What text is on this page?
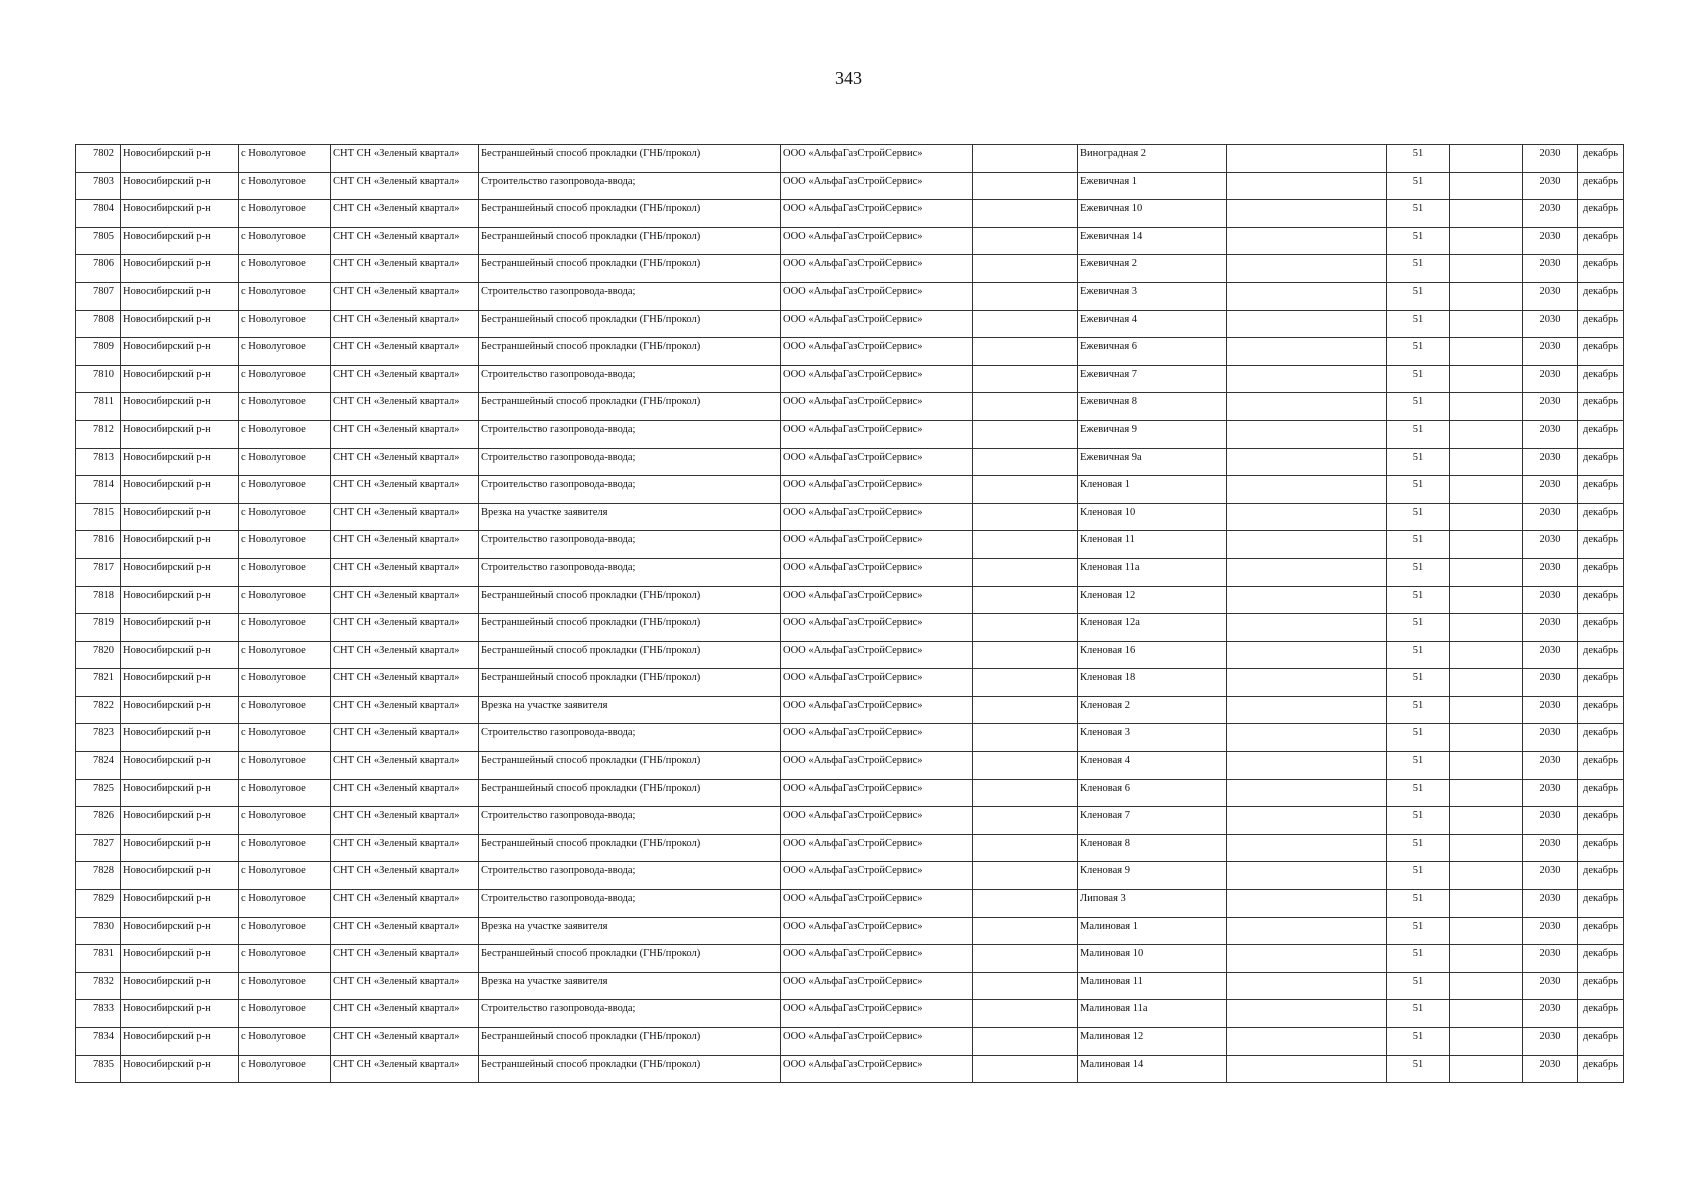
343
7802	Новосибирский р-н	с Новолуговое	СНТ СН «Зеленый квартал»	Бестраншейный способ прокладки (ГНБ/прокол)	ООО «АльфаГазСтройСервис»		Виноградная 2		51		2030	декабрь
7803	Новосибирский р-н	с Новолуговое	СНТ СН «Зеленый квартал»	Строительство газопровода-ввода;	ООО «АльфаГазСтройСервис»		Ежевичная 1		51		2030	декабрь
7804	Новосибирский р-н	с Новолуговое	СНТ СН «Зеленый квартал»	Бестраншейный способ прокладки (ГНБ/прокол)	ООО «АльфаГазСтройСервис»		Ежевичная 10		51		2030	декабрь
7805	Новосибирский р-н	с Новолуговое	СНТ СН «Зеленый квартал»	Бестраншейный способ прокладки (ГНБ/прокол)	ООО «АльфаГазСтройСервис»		Ежевичная 14		51		2030	декабрь
7806	Новосибирский р-н	с Новолуговое	СНТ СН «Зеленый квартал»	Бестраншейный способ прокладки (ГНБ/прокол)	ООО «АльфаГазСтройСервис»		Ежевичная 2		51		2030	декабрь
7807	Новосибирский р-н	с Новолуговое	СНТ СН «Зеленый квартал»	Строительство газопровода-ввода;	ООО «АльфаГазСтройСервис»		Ежевичная 3		51		2030	декабрь
7808	Новосибирский р-н	с Новолуговое	СНТ СН «Зеленый квартал»	Бестраншейный способ прокладки (ГНБ/прокол)	ООО «АльфаГазСтройСервис»		Ежевичная 4		51		2030	декабрь
7809	Новосибирский р-н	с Новолуговое	СНТ СН «Зеленый квартал»	Бестраншейный способ прокладки (ГНБ/прокол)	ООО «АльфаГазСтройСервис»		Ежевичная 6		51		2030	декабрь
7810	Новосибирский р-н	с Новолуговое	СНТ СН «Зеленый квартал»	Строительство газопровода-ввода;	ООО «АльфаГазСтройСервис»		Ежевичная 7		51		2030	декабрь
7811	Новосибирский р-н	с Новолуговое	СНТ СН «Зеленый квартал»	Бестраншейный способ прокладки (ГНБ/прокол)	ООО «АльфаГазСтройСервис»		Ежевичная 8		51		2030	декабрь
7812	Новосибирский р-н	с Новолуговое	СНТ СН «Зеленый квартал»	Строительство газопровода-ввода;	ООО «АльфаГазСтройСервис»		Ежевичная 9		51		2030	декабрь
7813	Новосибирский р-н	с Новолуговое	СНТ СН «Зеленый квартал»	Строительство газопровода-ввода;	ООО «АльфаГазСтройСервис»		Ежевичная 9а		51		2030	декабрь
7814	Новосибирский р-н	с Новолуговое	СНТ СН «Зеленый квартал»	Строительство газопровода-ввода;	ООО «АльфаГазСтройСервис»		Кленовая 1		51		2030	декабрь
7815	Новосибирский р-н	с Новолуговое	СНТ СН «Зеленый квартал»	Врезка на участке заявителя	ООО «АльфаГазСтройСервис»		Кленовая 10		51		2030	декабрь
7816	Новосибирский р-н	с Новолуговое	СНТ СН «Зеленый квартал»	Строительство газопровода-ввода;	ООО «АльфаГазСтройСервис»		Кленовая 11		51		2030	декабрь
7817	Новосибирский р-н	с Новолуговое	СНТ СН «Зеленый квартал»	Строительство газопровода-ввода;	ООО «АльфаГазСтройСервис»		Кленовая 11а		51		2030	декабрь
7818	Новосибирский р-н	с Новолуговое	СНТ СН «Зеленый квартал»	Бестраншейный способ прокладки (ГНБ/прокол)	ООО «АльфаГазСтройСервис»		Кленовая 12		51		2030	декабрь
7819	Новосибирский р-н	с Новолуговое	СНТ СН «Зеленый квартал»	Бестраншейный способ прокладки (ГНБ/прокол)	ООО «АльфаГазСтройСервис»		Кленовая 12а		51		2030	декабрь
7820	Новосибирский р-н	с Новолуговое	СНТ СН «Зеленый квартал»	Бестраншейный способ прокладки (ГНБ/прокол)	ООО «АльфаГазСтройСервис»		Кленовая 16		51		2030	декабрь
7821	Новосибирский р-н	с Новолуговое	СНТ СН «Зеленый квартал»	Бестраншейный способ прокладки (ГНБ/прокол)	ООО «АльфаГазСтройСервис»		Кленовая 18		51		2030	декабрь
7822	Новосибирский р-н	с Новолуговое	СНТ СН «Зеленый квартал»	Врезка на участке заявителя	ООО «АльфаГазСтройСервис»		Кленовая 2		51		2030	декабрь
7823	Новосибирский р-н	с Новолуговое	СНТ СН «Зеленый квартал»	Строительство газопровода-ввода;	ООО «АльфаГазСтройСервис»		Кленовая 3		51		2030	декабрь
7824	Новосибирский р-н	с Новолуговое	СНТ СН «Зеленый квартал»	Бестраншейный способ прокладки (ГНБ/прокол)	ООО «АльфаГазСтройСервис»		Кленовая 4		51		2030	декабрь
7825	Новосибирский р-н	с Новолуговое	СНТ СН «Зеленый квартал»	Бестраншейный способ прокладки (ГНБ/прокол)	ООО «АльфаГазСтройСервис»		Кленовая 6		51		2030	декабрь
7826	Новосибирский р-н	с Новолуговое	СНТ СН «Зеленый квартал»	Строительство газопровода-ввода;	ООО «АльфаГазСтройСервис»		Кленовая 7		51		2030	декабрь
7827	Новосибирский р-н	с Новолуговое	СНТ СН «Зеленый квартал»	Бестраншейный способ прокладки (ГНБ/прокол)	ООО «АльфаГазСтройСервис»		Кленовая 8		51		2030	декабрь
7828	Новосибирский р-н	с Новолуговое	СНТ СН «Зеленый квартал»	Строительство газопровода-ввода;	ООО «АльфаГазСтройСервис»		Кленовая 9		51		2030	декабрь
7829	Новосибирский р-н	с Новолуговое	СНТ СН «Зеленый квартал»	Строительство газопровода-ввода;	ООО «АльфаГазСтройСервис»		Липовая 3		51		2030	декабрь
7830	Новосибирский р-н	с Новолуговое	СНТ СН «Зеленый квартал»	Врезка на участке заявителя	ООО «АльфаГазСтройСервис»		Малиновая 1		51		2030	декабрь
7831	Новосибирский р-н	с Новолуговое	СНТ СН «Зеленый квартал»	Бестраншейный способ прокладки (ГНБ/прокол)	ООО «АльфаГазСтройСервис»		Малиновая 10		51		2030	декабрь
7832	Новосибирский р-н	с Новолуговое	СНТ СН «Зеленый квартал»	Врезка на участке заявителя	ООО «АльфаГазСтройСервис»		Малиновая 11		51		2030	декабрь
7833	Новосибирский р-н	с Новолуговое	СНТ СН «Зеленый квартал»	Строительство газопровода-ввода;	ООО «АльфаГазСтройСервис»		Малиновая 11а		51		2030	декабрь
7834	Новосибирский р-н	с Новолуговое	СНТ СН «Зеленый квартал»	Бестраншейный способ прокладки (ГНБ/прокол)	ООО «АльфаГазСтройСервис»		Малиновая 12		51		2030	декабрь
7835	Новосибирский р-н	с Новолуговое	СНТ СН «Зеленый квартал»	Бестраншейный способ прокладки (ГНБ/прокол)	ООО «АльфаГазСтройСервис»		Малиновая 14		51		2030	декабрь
